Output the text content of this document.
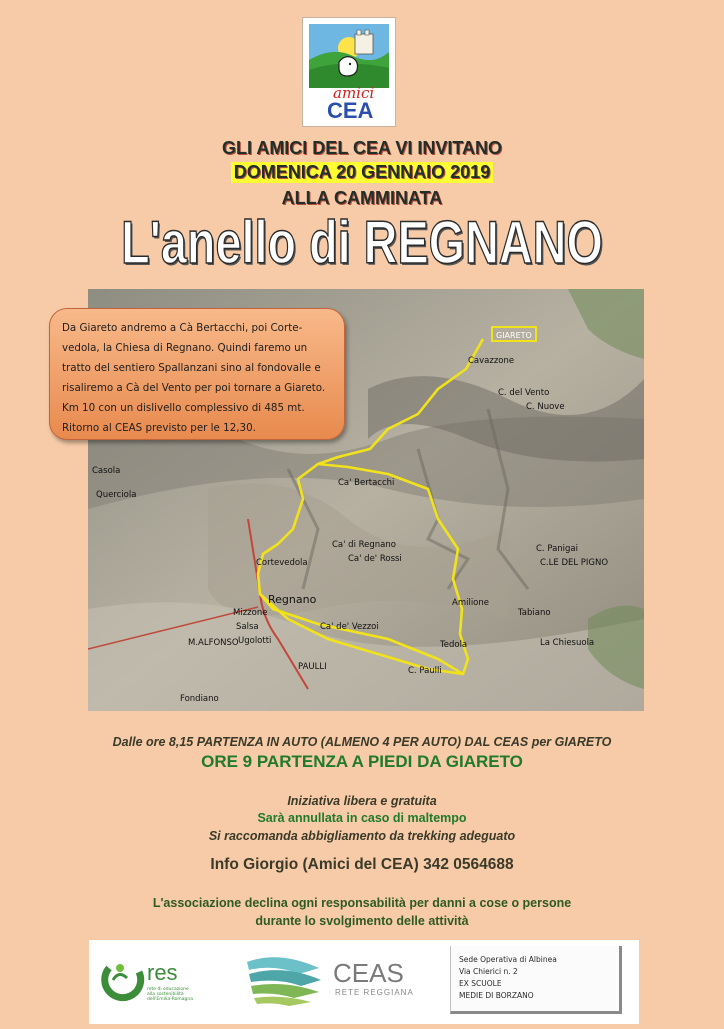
amici
CEA
GLI AMICI DEL CEA VI INVITANO
DOMENICA 20 GENNAIO 2019
ALLA CAMMINATA
L'anello di REGNANO
GIARETO
Cavazzone
C. del Vento
C. Nuove
Casola
Querciola
Ca' Bertacchi
Ca' di Regnano
Ca' de' Rossi
C. Panigai
C.LE DEL PIGNO
Cortevedola
Regnano
Mizzone
Salsa
Ugolotti
M.ALFONSO
Ca' de' Vezzoi
Tedola
Amilione
Tabiano
La Chiesuola
C. Paulli
PAULLI
Fondiano
Da Giareto andremo a Cà Bertacchi, poi Corte-vedola, la Chiesa di Regnano. Quindi faremo un tratto del sentiero Spallanzani sino al fondovalle e risaliremo a Cà del Vento per poi tornare a Giareto. Km 10 con un dislivello complessivo di 485 mt. Ritorno al CEAS previsto per le 12,30.
Dalle ore 8,15 PARTENZA IN AUTO (ALMENO 4 PER AUTO) DAL CEAS per GIARETO
ORE 9 PARTENZA A PIEDI DA GIARETO
Iniziativa libera e gratuita
Sarà annullata in caso di maltempo
Si raccomanda abbigliamento da trekking adeguato
Info Giorgio (Amici del CEA) 342 0564688
L'associazione declina ogni responsabilità per danni a cose o persone
durante lo svolgimento delle attività
res
rete di educazione
alla sostenibilità
dell'Emilia-Romagna
CEAS
RETE REGGIANA
Sede Operativa di Albinea
Via Chierici n. 2
EX SCUOLE
MEDIE DI BORZANO
